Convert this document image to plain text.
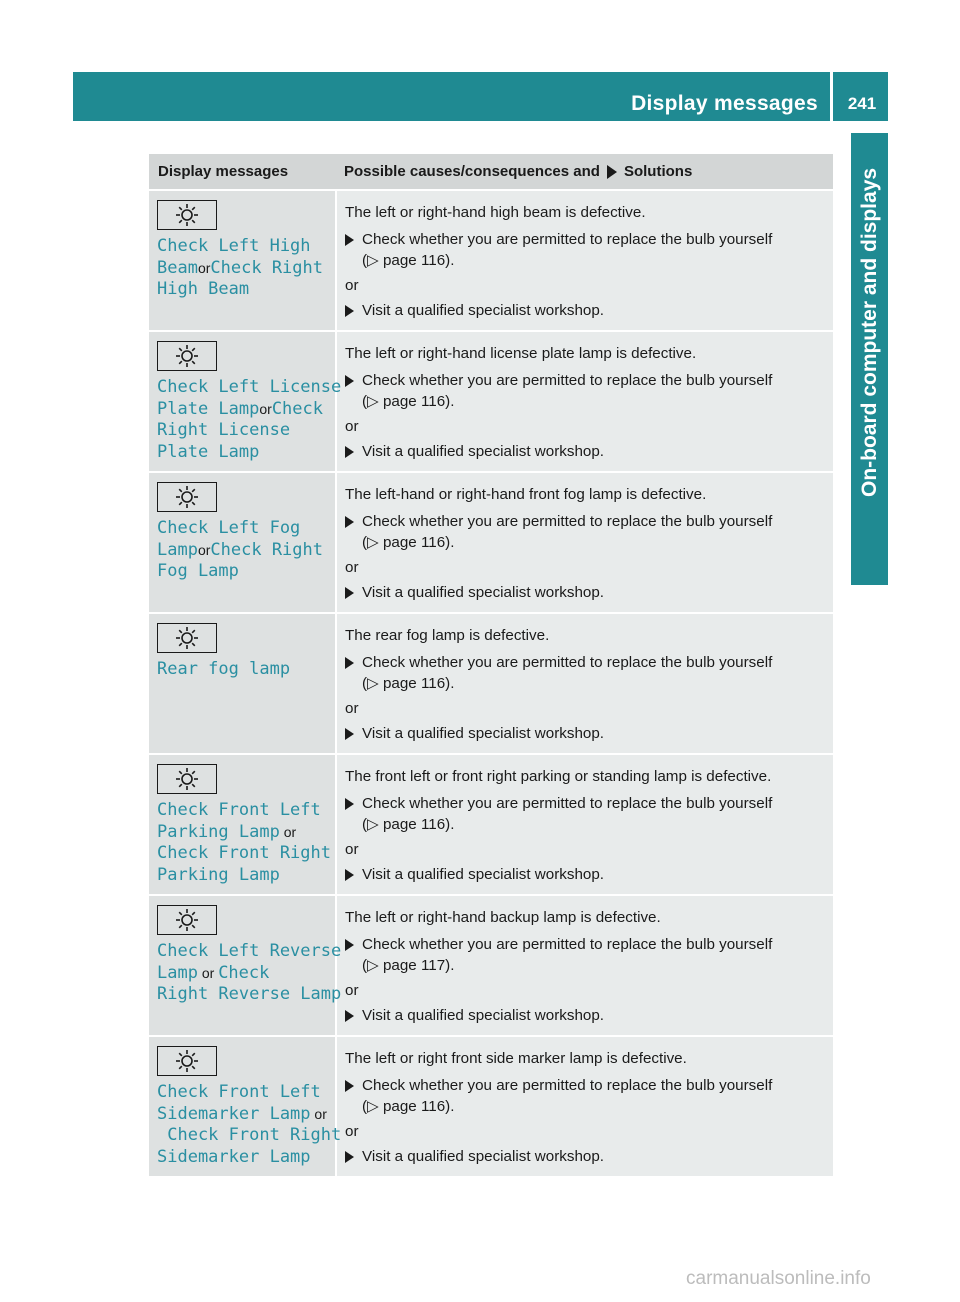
Display messages	241
On-board computer and displays
Display messages	Possible causes/consequences and Solutions
Check Left High
BeamorCheck Right
High Beam
The left or right-hand high beam is defective.
Check whether you are permitted to replace the bulb yourself
(▷ page 116).
or
Visit a qualified specialist workshop.
Check Left License
Plate LamporCheck
Right License
Plate Lamp
The left or right-hand license plate lamp is defective.
Check whether you are permitted to replace the bulb yourself
(▷ page 116).
or
Visit a qualified specialist workshop.
Check Left Fog
LamporCheck Right
Fog Lamp
The left-hand or right-hand front fog lamp is defective.
Check whether you are permitted to replace the bulb yourself
(▷ page 116).
or
Visit a qualified specialist workshop.
Rear fog lamp
The rear fog lamp is defective.
Check whether you are permitted to replace the bulb yourself
(▷ page 116).
or
Visit a qualified specialist workshop.
Check Front Left
Parking Lamp or
Check Front Right
Parking Lamp
The front left or front right parking or standing lamp is defective.
Check whether you are permitted to replace the bulb yourself
(▷ page 116).
or
Visit a qualified specialist workshop.
Check Left Reverse
Lamp or Check
Right Reverse Lamp
The left or right-hand backup lamp is defective.
Check whether you are permitted to replace the bulb yourself
(▷ page 117).
or
Visit a qualified specialist workshop.
Check Front Left
Sidemarker Lamp or
Check Front Right
Sidemarker Lamp
The left or right front side marker lamp is defective.
Check whether you are permitted to replace the bulb yourself
(▷ page 116).
or
Visit a qualified specialist workshop.
carmanualsonline.info
